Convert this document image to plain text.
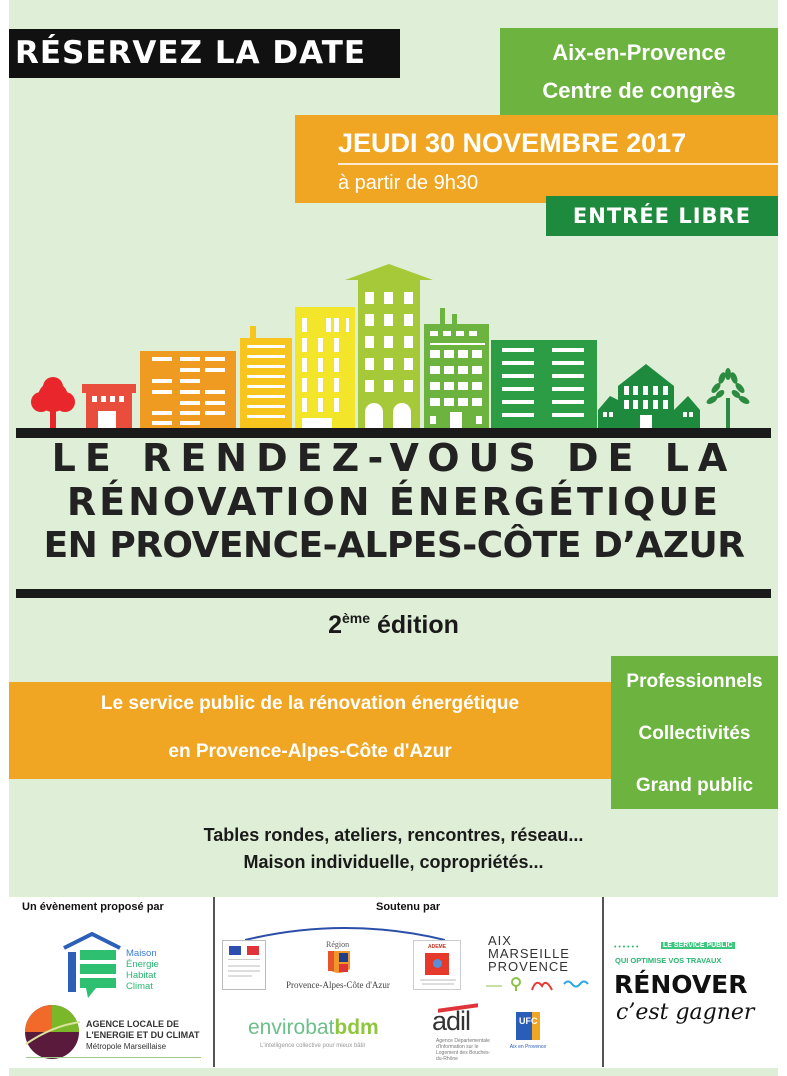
RÉSERVEZ LA DATE	Aix-en-Provence
Centre de congrès
JEUDI 30 NOVEMBRE 2017
à partir de 9h30
ENTRÉE LIBRE
LE RENDEZ-VOUS DE LA
RÉNOVATION ÉNERGÉTIQUE
EN PROVENCE-ALPES-CÔTE D’AZUR
2ème édition
Le service public de la rénovation énergétique
en Provence-Alpes-Côte d'Azur
Professionnels
Collectivités
Grand public
Tables rondes, ateliers, rencontres, réseau...
Maison individuelle, copropriétés...
Un évènement proposé par	Soutenu par
Maison
Énergie
Habitat
Climat
AGENCE LOCALE DE
L'ENERGIE ET DU CLIMAT
Métropole Marseillaise
Région
Provence-Alpes-Côte d'Azur
ADEME	AIX
MARSEILLE
PROVENCE
envirobatbdm
L'intelligence collective pour mieux bâtir
adil
Agence Départementale d'Information sur le Logement des Bouches-du-Rhône
UFC
Aix en Provence
• • • • • •	LE SERVICE PUBLIC
QUI OPTIMISE VOS TRAVAUX
RÉNOVER
c’est gagner
